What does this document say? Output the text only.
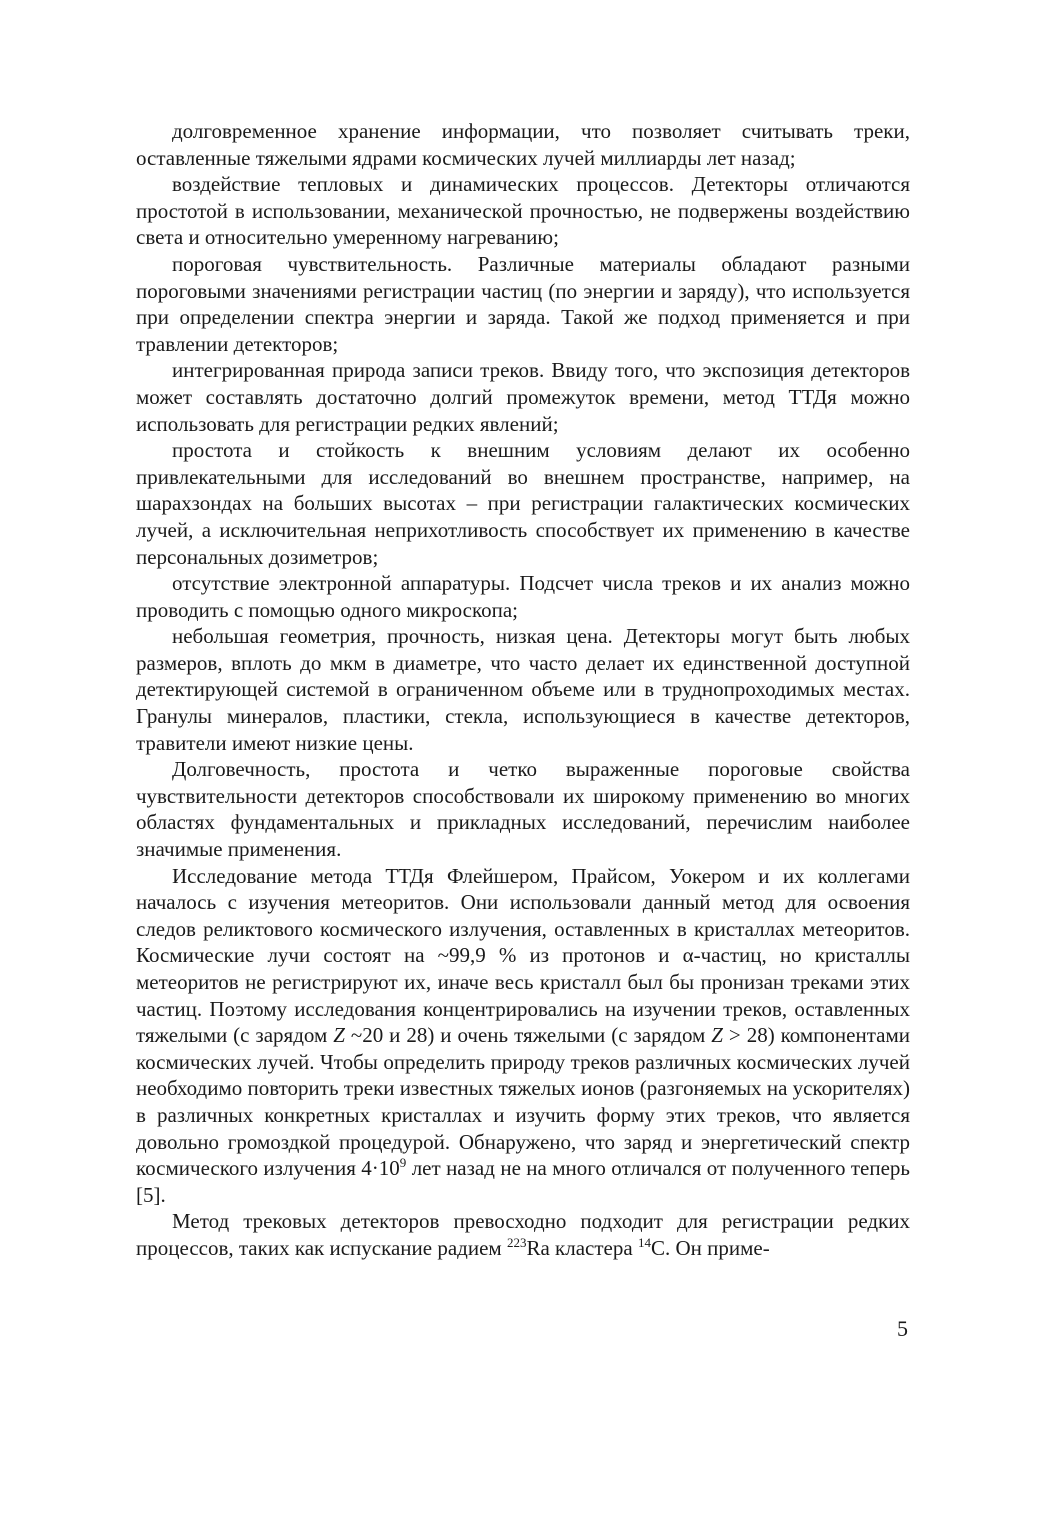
долговременное хранение информации, что позволяет считывать треки, оставленные тяжелыми ядрами космических лучей миллиарды лет назад;

воздействие тепловых и динамических процессов. Детекторы отличаются простотой в использовании, механической прочностью, не подвержены воздействию света и относительно умеренному нагреванию;

пороговая чувствительность. Различные материалы обладают разными пороговыми значениями регистрации частиц (по энергии и заряду), что используется при определении спектра энергии и заряда. Такой же подход применяется и при травлении детекторов;

интегрированная природа записи треков. Ввиду того, что экспозиция детекторов может составлять достаточно долгий промежуток времени, метод ТТДя можно использовать для регистрации редких явлений;

простота и стойкость к внешним условиям делают их особенно привлекательными для исследований во внешнем пространстве, например, на шарахзондах на больших высотах – при регистрации галактических космических лучей, а исключительная неприхотливость способствует их применению в качестве персональных дозиметров;

отсутствие электронной аппаратуры. Подсчет числа треков и их анализ можно проводить с помощью одного микроскопа;

небольшая геометрия, прочность, низкая цена. Детекторы могут быть любых размеров, вплоть до мкм в диаметре, что часто делает их единственной доступной детектирующей системой в ограниченном объеме или в труднопроходимых местах. Гранулы минералов, пластики, стекла, использующиеся в качестве детекторов, травители имеют низкие цены.

Долговечность, простота и четко выраженные пороговые свойства чувствительности детекторов способствовали их широкому применению во многих областях фундаментальных и прикладных исследований, перечислим наиболее значимые применения.

Исследование метода ТТДя Флейшером, Прайсом, Уокером и их коллегами началось с изучения метеоритов. Они использовали данный метод для освоения следов реликтового космического излучения, оставленных в кристаллах метеоритов. Космические лучи состоят на ~99,9 % из протонов и α-частиц, но кристаллы метеоритов не регистрируют их, иначе весь кристалл был бы пронизан треками этих частиц. Поэтому исследования концентрировались на изучении треков, оставленных тяжелыми (с зарядом Z ~20 и 28) и очень тяжелыми (с зарядом Z > 28) компонентами космических лучей. Чтобы определить природу треков различных космических лучей необходимо повторить треки известных тяжелых ионов (разгоняемых на ускорителях) в различных конкретных кристаллах и изучить форму этих треков, что является довольно громоздкой процедурой. Обнаружено, что заряд и энергетический спектр космического излучения $4\cdot 10^9$ лет назад не на много отличался от полученного теперь [5].

Метод трековых детекторов превосходно подходит для регистрации редких процессов, таких как испускание радием $^{223}$Ra кластера $^{14}$C. Он приме-

5
